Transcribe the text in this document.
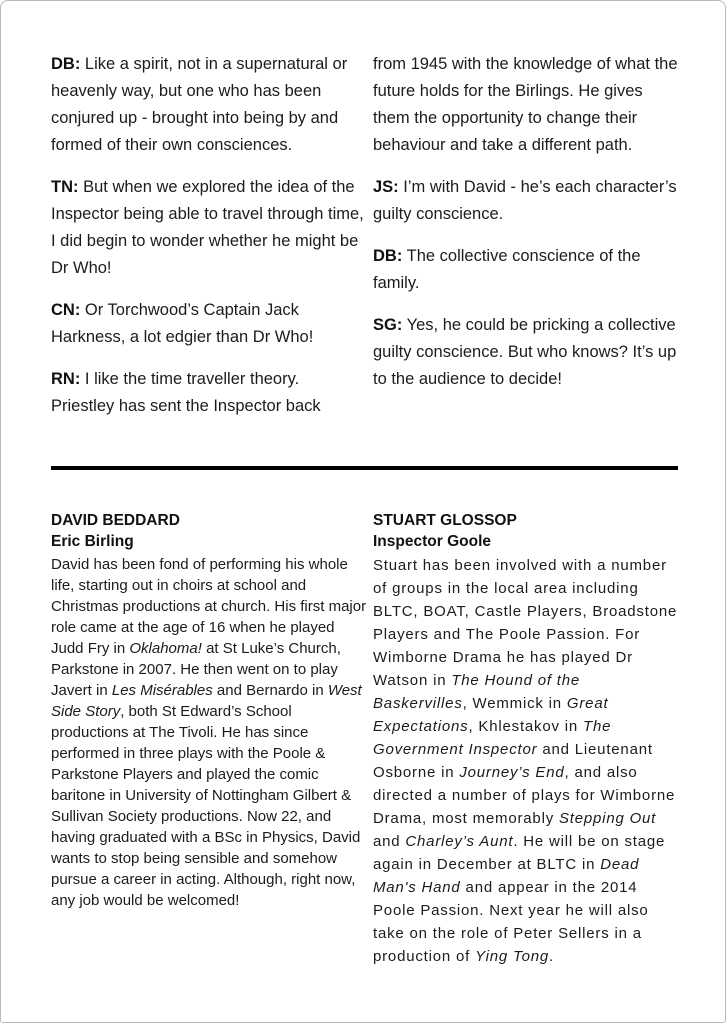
DB: Like a spirit, not in a supernatural or heavenly way, but one who has been conjured up - brought into being by and formed of their own consciences.

TN: But when we explored the idea of the Inspector being able to travel through time, I did begin to wonder whether he might be Dr Who!

CN: Or Torchwood’s Captain Jack Harkness, a lot edgier than Dr Who!

RN: I like the time traveller theory. Priestley has sent the Inspector back

from 1945 with the knowledge of what the future holds for the Birlings. He gives them the opportunity to change their behaviour and take a different path.

JS: I’m with David - he’s each character’s guilty conscience.

DB: The collective conscience of the family.

SG: Yes, he could be pricking a collective guilty conscience. But who knows? It’s up to the audience to decide!

DAVID BEDDARD

Eric Birling

David has been fond of performing his whole life, starting out in choirs at school and Christmas productions at church. His first major role came at the age of 16 when he played Judd Fry in Oklahoma! at St Luke’s Church, Parkstone in 2007. He then went on to play Javert in Les Misérables and Bernardo in West Side Story, both St Edward’s School productions at The Tivoli. He has since performed in three plays with the Poole & Parkstone Players and played the comic baritone in University of Nottingham Gilbert & Sullivan Society productions. Now 22, and having graduated with a BSc in Physics, David wants to stop being sensible and somehow pursue a career in acting. Although, right now, any job would be welcomed!

STUART GLOSSOP

Inspector Goole

Stuart has been involved with a number of groups in the local area including BLTC, BOAT, Castle Players, Broadstone Players and The Poole Passion. For Wimborne Drama he has played Dr Watson in The Hound of the Baskervilles, Wemmick in Great Expectations, Khlestakov in The Government Inspector and Lieutenant Osborne in Journey’s End, and also directed a number of plays for Wimborne Drama, most memorably Stepping Out and Charley’s Aunt. He will be on stage again in December at BLTC in Dead Man's Hand and appear in the 2014 Poole Passion. Next year he will also take on the role of Peter Sellers in a production of Ying Tong.
